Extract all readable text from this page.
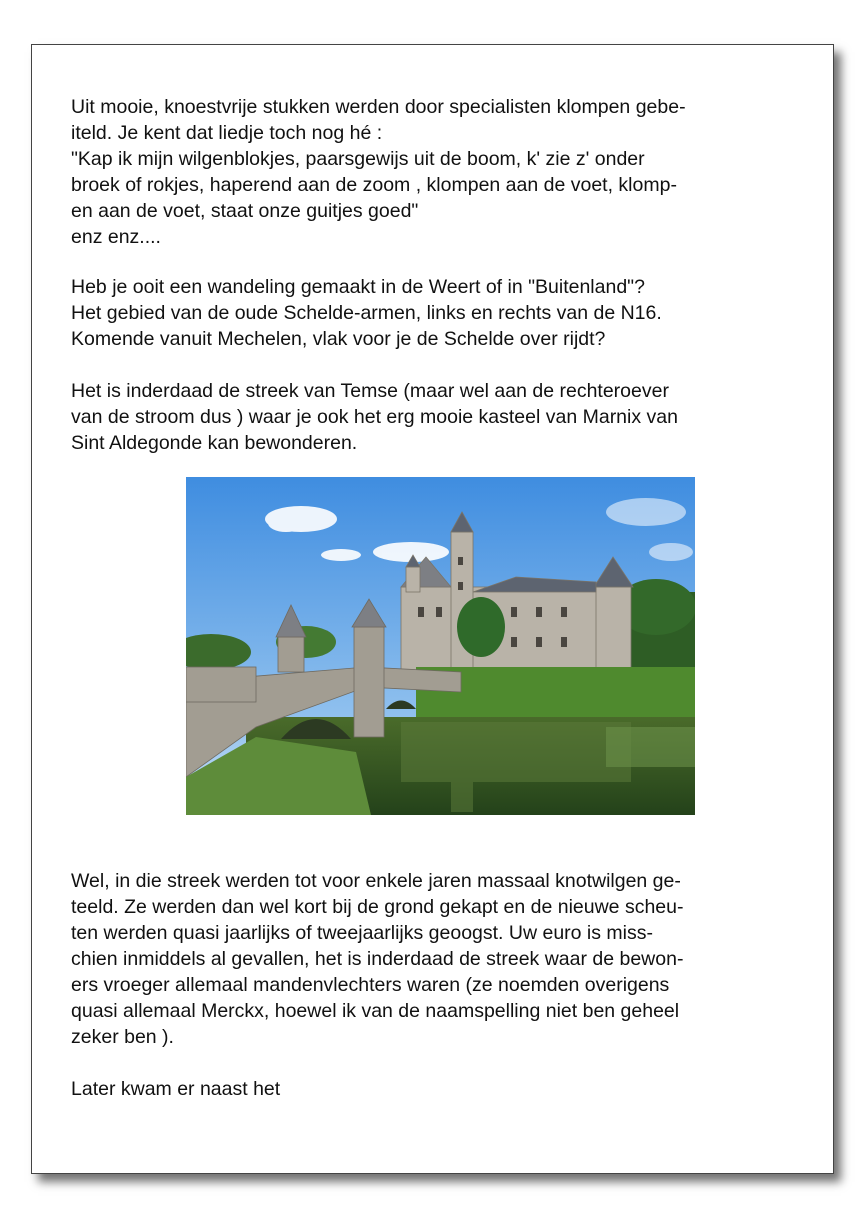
Uit mooie, knoestvrije stukken werden door specialisten klompen gebe-

iteld. Je kent dat liedje toch nog hé :

"Kap ik mijn wilgenblokjes, paarsgewijs uit de boom, k' zie z' onder

broek of rokjes, haperend aan de zoom , klompen aan de voet, klomp-

en aan de voet, staat onze guitjes goed"

enz enz....

Heb je ooit een wandeling gemaakt in de Weert of in "Buitenland"?

Het gebied van de oude Schelde-armen, links en rechts van de N16.

Komende vanuit Mechelen, vlak voor je de Schelde over rijdt?

Het is inderdaad de streek van Temse (maar wel aan de rechteroever

van de stroom dus ) waar je ook het erg mooie kasteel van Marnix van

Sint Aldegonde kan bewonderen.

Wel, in die streek werden tot voor enkele jaren massaal knotwilgen ge-

teeld. Ze werden dan wel kort bij de grond gekapt en de nieuwe scheu-

ten werden quasi jaarlijks of tweejaarlijks geoogst. Uw euro is miss-

chien inmiddels al gevallen, het is inderdaad de streek waar de bewon-

ers vroeger allemaal mandenvlechters waren (ze noemden overigens

quasi allemaal Merckx, hoewel ik van de naamspelling niet ben geheel

zeker ben ).

Later kwam er naast het
